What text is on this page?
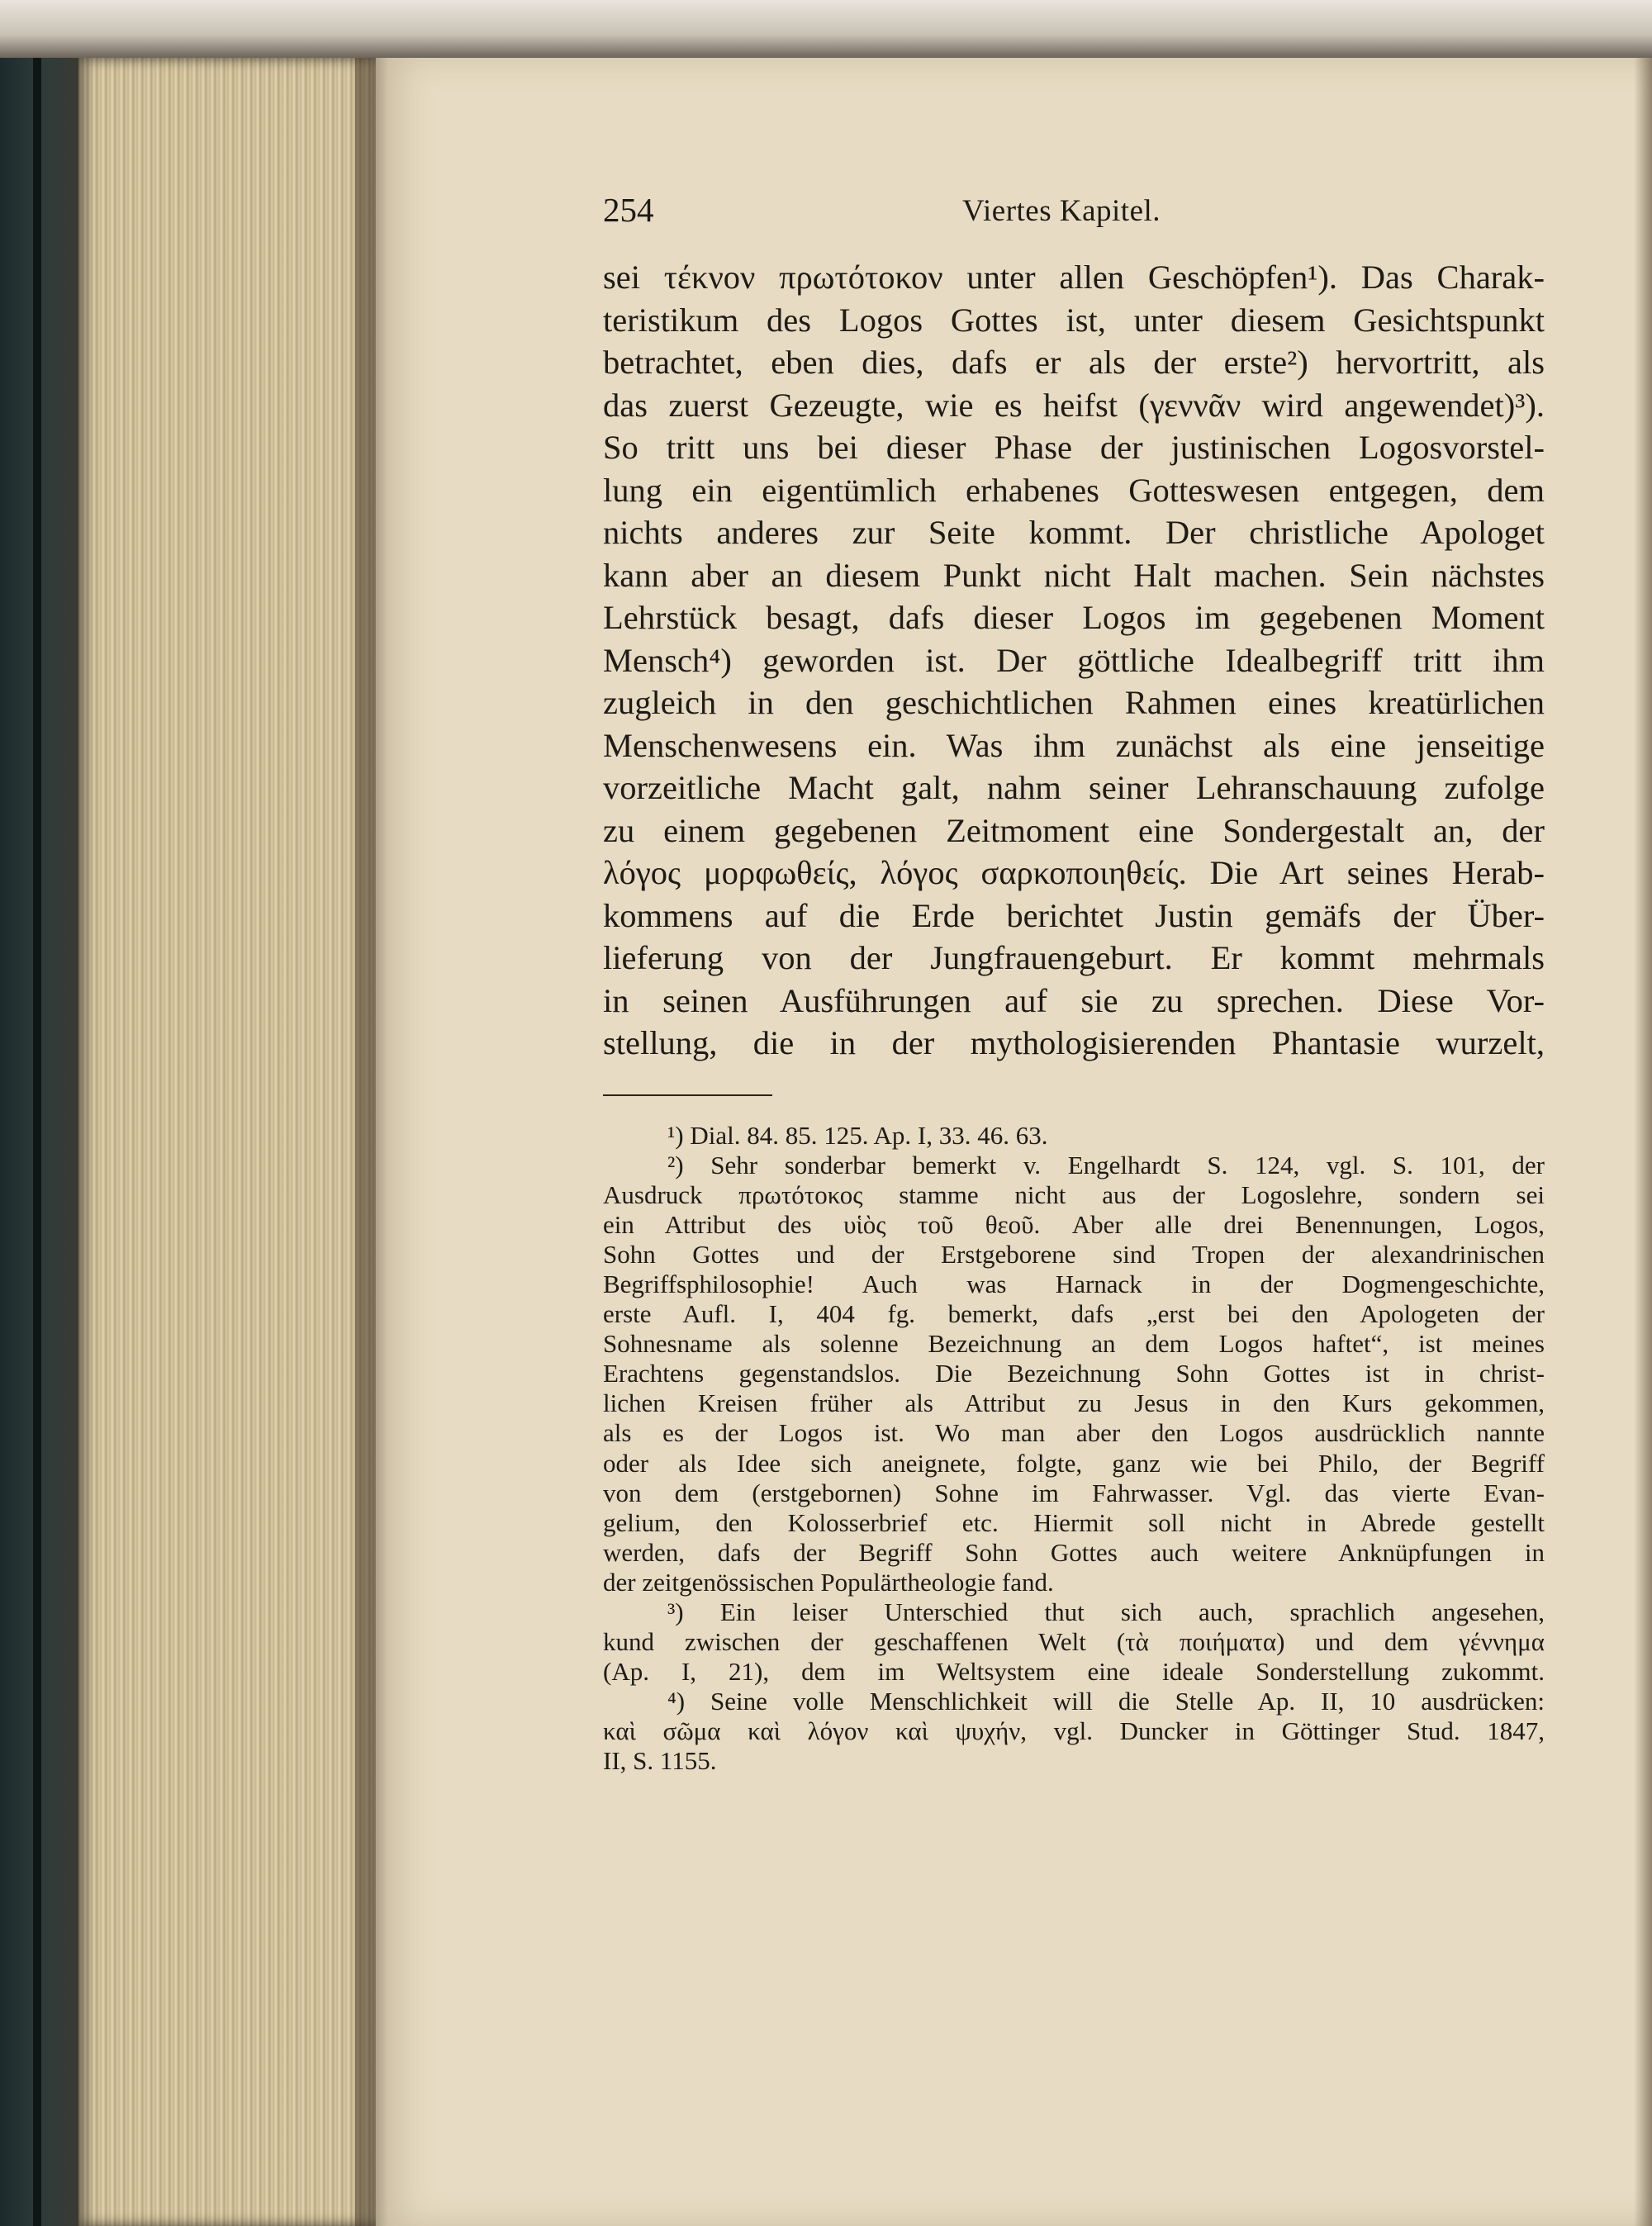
254	Viertes Kapitel.
sei τέκνον πρωτότοκον unter allen Geschöpfen¹). Das Charak-
teristikum des Logos Gottes ist, unter diesem Gesichtspunkt
betrachtet, eben dies, dafs er als der erste²) hervortritt, als
das zuerst Gezeugte, wie es heifst (γεννᾶν wird angewendet)³).
So tritt uns bei dieser Phase der justinischen Logosvorstel-
lung ein eigentümlich erhabenes Gotteswesen entgegen, dem
nichts anderes zur Seite kommt. Der christliche Apologet
kann aber an diesem Punkt nicht Halt machen. Sein nächstes
Lehrstück besagt, dafs dieser Logos im gegebenen Moment
Mensch⁴) geworden ist. Der göttliche Idealbegriff tritt ihm
zugleich in den geschichtlichen Rahmen eines kreatürlichen
Menschenwesens ein. Was ihm zunächst als eine jenseitige
vorzeitliche Macht galt, nahm seiner Lehranschauung zufolge
zu einem gegebenen Zeitmoment eine Sondergestalt an, der
λόγος μορφωθείς, λόγος σαρκοποιηθείς. Die Art seines Herab-
kommens auf die Erde berichtet Justin gemäfs der Über-
lieferung von der Jungfrauengeburt. Er kommt mehrmals
in seinen Ausführungen auf sie zu sprechen. Diese Vor-
stellung, die in der mythologisierenden Phantasie wurzelt,
¹) Dial. 84. 85. 125. Ap. I, 33. 46. 63.
²) Sehr sonderbar bemerkt v. Engelhardt S. 124, vgl. S. 101, der
Ausdruck πρωτότοκος stamme nicht aus der Logoslehre, sondern sei
ein Attribut des υἱὸς τοῦ θεοῦ. Aber alle drei Benennungen, Logos,
Sohn Gottes und der Erstgeborene sind Tropen der alexandrinischen
Begriffsphilosophie! Auch was Harnack in der Dogmengeschichte,
erste Aufl. I, 404 fg. bemerkt, dafs „erst bei den Apologeten der
Sohnesname als solenne Bezeichnung an dem Logos haftet“, ist meines
Erachtens gegenstandslos. Die Bezeichnung Sohn Gottes ist in christ-
lichen Kreisen früher als Attribut zu Jesus in den Kurs gekommen,
als es der Logos ist. Wo man aber den Logos ausdrücklich nannte
oder als Idee sich aneignete, folgte, ganz wie bei Philo, der Begriff
von dem (erstgebornen) Sohne im Fahrwasser. Vgl. das vierte Evan-
gelium, den Kolosserbrief etc. Hiermit soll nicht in Abrede gestellt
werden, dafs der Begriff Sohn Gottes auch weitere Anknüpfungen in
der zeitgenössischen Populärtheologie fand.
³) Ein leiser Unterschied thut sich auch, sprachlich angesehen,
kund zwischen der geschaffenen Welt (τὰ ποιήματα) und dem γέννημα
(Ap. I, 21), dem im Weltsystem eine ideale Sonderstellung zukommt.
⁴) Seine volle Menschlichkeit will die Stelle Ap. II, 10 ausdrücken:
καὶ σῶμα καὶ λόγον καὶ ψυχήν, vgl. Duncker in Göttinger Stud. 1847,
II, S. 1155.
